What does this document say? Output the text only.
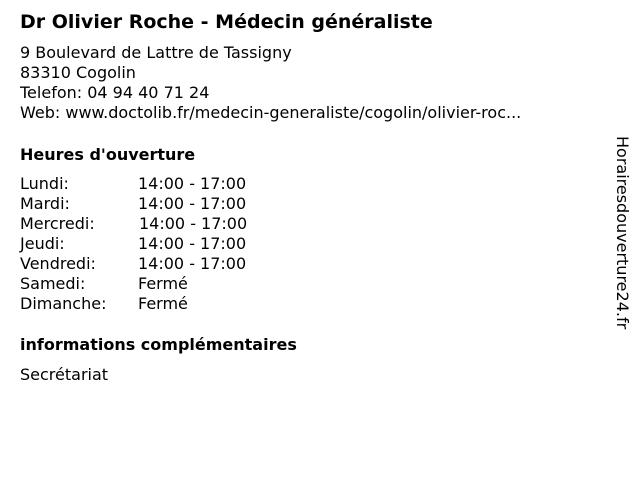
Dr Olivier Roche - Médecin généraliste
9 Boulevard de Lattre de Tassigny
83310 Cogolin
Telefon: 04 94 40 71 24
Web: www.doctolib.fr/medecin-generaliste/cogolin/olivier-roc...
Heures d'ouverture
Lundi:	14:00 - 17:00
Mardi:	14:00 - 17:00
Mercredi:	14:00 - 17:00
Jeudi:	14:00 - 17:00
Vendredi:	14:00 - 17:00
Samedi:	Fermé
Dimanche: Fermé
informations complémentaires
Secrétariat
Horairesdouverture24.fr
